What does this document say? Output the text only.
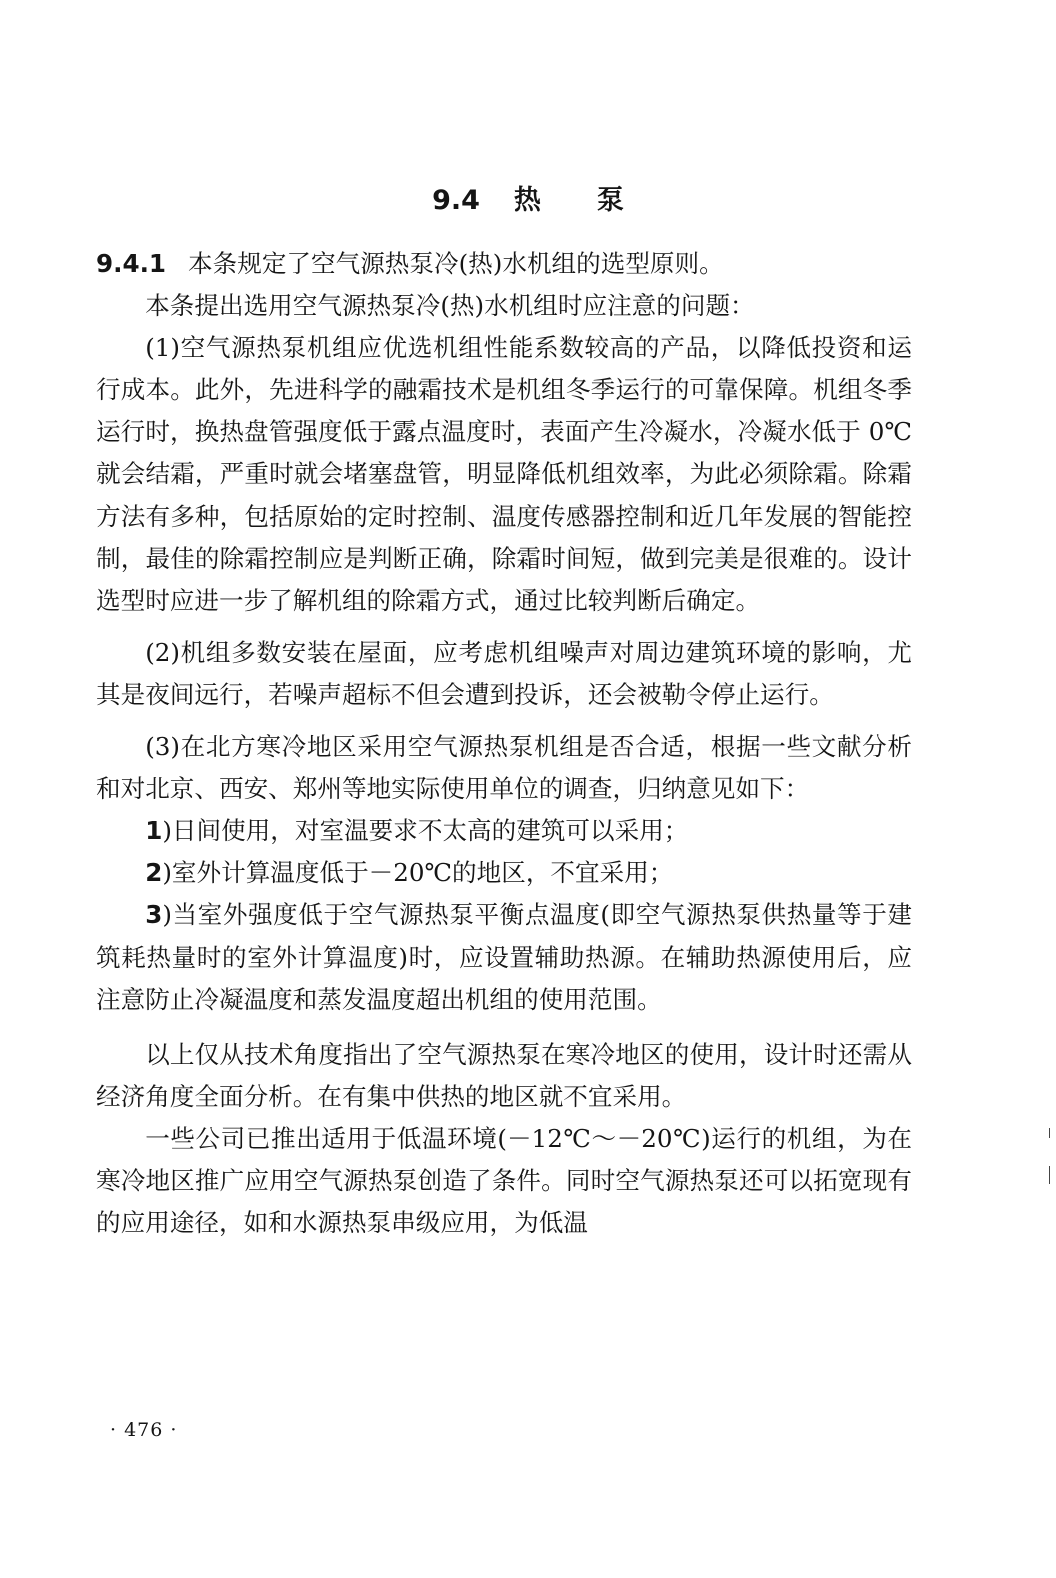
9.4 热 泵

9.4.1 本条规定了空气源热泵冷(热)水机组的选型原则。

本条提出选用空气源热泵冷(热)水机组时应注意的问题：

(1)空气源热泵机组应优选机组性能系数较高的产品，以降低投资和运行成本。此外，先进科学的融霜技术是机组冬季运行的可靠保障。机组冬季运行时，换热盘管强度低于露点温度时，表面产生冷凝水，冷凝水低于 0℃就会结霜，严重时就会堵塞盘管，明显降低机组效率，为此必须除霜。除霜方法有多种，包括原始的定时控制、温度传感器控制和近几年发展的智能控制，最佳的除霜控制应是判断正确，除霜时间短，做到完美是很难的。设计选型时应进一步了解机组的除霜方式，通过比较判断后确定。

(2)机组多数安装在屋面，应考虑机组噪声对周边建筑环境的影响，尤其是夜间远行，若噪声超标不但会遭到投诉，还会被勒令停止运行。

(3)在北方寒冷地区采用空气源热泵机组是否合适，根据一些文献分析和对北京、西安、郑州等地实际使用单位的调查，归纳意见如下：

1)日间使用，对室温要求不太高的建筑可以采用；

2)室外计算温度低于－20℃的地区，不宜采用；

3)当室外强度低于空气源热泵平衡点温度(即空气源热泵供热量等于建筑耗热量时的室外计算温度)时，应设置辅助热源。在辅助热源使用后，应注意防止冷凝温度和蒸发温度超出机组的使用范围。

以上仅从技术角度指出了空气源热泵在寒冷地区的使用，设计时还需从经济角度全面分析。在有集中供热的地区就不宜采用。

一些公司已推出适用于低温环境(－12℃～－20℃)运行的机组，为在寒冷地区推广应用空气源热泵创造了条件。同时空气源热泵还可以拓宽现有的应用途径，如和水源热泵串级应用，为低温

· 476 ·
